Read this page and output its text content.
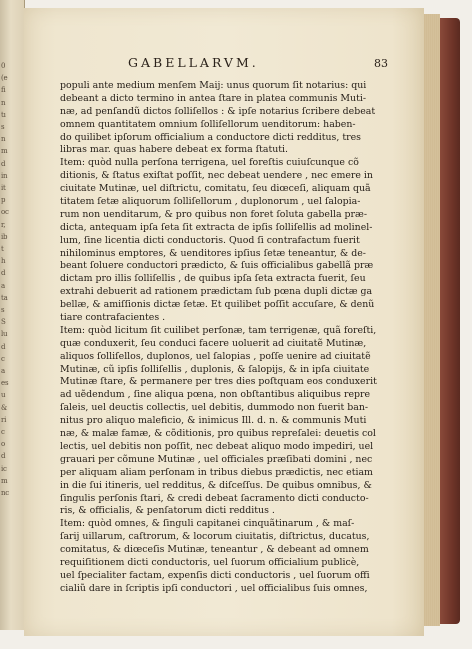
0
(e
fi
n
tı
s
n
m
d
in
it
p
oc
r,
ib
t
h
d
a
ta
s
S
lu
d
c
a
es
u
&
ri
c
o
d
ic
m
nc
GABELLARVM.	83
populi ante medium menſem Maij: unus quorum ſit notarius: qui
debeant a dicto termino in antea ſtare in platea communis Muti-
næ, ad penſandũ dictos ſolliſellos : & ipſe notarius ſcribere debeat
omnem quantitatem omnium ſolliſellorum uenditorum: haben-
do quilibet ipſorum officialium a conductore dicti redditus, tres
libras mar. quas habere debeat ex forma ſtatuti.
Item: quòd nulla perſona terrigena, uel foreſtis cuiuſcunque cõ
ditionis, & ſtatus exiſtat poſſit, nec debeat uendere , nec emere in
ciuitate Mutinæ, uel diſtrictu, comitatu, ſeu diœceſi, aliquam quã
titatem ſetæ aliquorum ſolliſellorum , duplonorum , uel ſalopia-
rum non uenditarum, & pro quibus non foret ſoluta gabella præ-
dicta, antequam ipſa ſeta ſit extracta de ipſis ſolliſellis ad molinel-
lum, ſine licentia dicti conductoris. Quod ſi contrafactum fuerit
nihilominus emptores, & uenditores ipſius ſetæ teneantur, & de-
beant ſoluere conductori prædicto, & ſuis officialibus gabellã præ
dictam pro illis ſolliſellis , de quibus ipſa ſeta extracta fuerit, ſeu
extrahi debuerit ad rationem prædictam ſub pœna dupli dictæ ga
bellæ, & amiſſionis dictæ ſetæ. Et quilibet poſſit accuſare, & denũ
tiare contrafacientes .
Item: quòd licitum ſit cuilibet perſonæ, tam terrigenæ, quã foreſti,
quæ conduxerit, ſeu conduci facere uoluerit ad ciuitatẽ Mutinæ,
aliquos ſolliſellos, duplonos, uel ſalopias , poſſe uenire ad ciuitatẽ
Mutinæ, cũ ipſis ſolliſellis , duplonis, & ſalopijs, & in ipſa ciuitate
Mutinæ ſtare, & permanere per tres dies poſtquam eos conduxerit
ad uẽdendum , ſine aliqua pœna, non obſtantibus aliquibus repre
ſaleis, uel deuctis collectis, uel debitis, dummodo non fuerit ban-
nitus pro aliquo maleficio, & inimicus Ill. d. n. & communis Muti
næ, & malæ famæ, & cõditionis, pro quibus repreſalei: deuetis col
lectis, uel debitis non poſſit, nec debeat aliquo modo impediri, uel
grauari per cõmune Mutinæ , uel officiales præſibati domini , nec
per aliquam aliam perſonam in tribus diebus prædictis, nec etiam
in die ſui itineris, uel redditus, & diſceſſus. De quibus omnibus, &
ſingulis perſonis ſtari, & credi debeat ſacramento dicti conducto-
ris, & officialis, & penſatorum dicti redditus .
Item: quòd omnes, & ſinguli capitanei cinquãtinarum , & maſ-
ſarij uillarum, caſtrorum, & locorum ciuitatis, diſtrictus, ducatus,
comitatus, & diœceſis Mutinæ, teneantur , & debeant ad omnem
requiſitionem dicti conductoris, uel ſuorum officialium publicè,
uel ſpecialiter factam, expenſis dicti conductoris , uel ſuorum offi
cialiũ dare in ſcriptis ipſi conductori , uel officialibus ſuis omnes,
